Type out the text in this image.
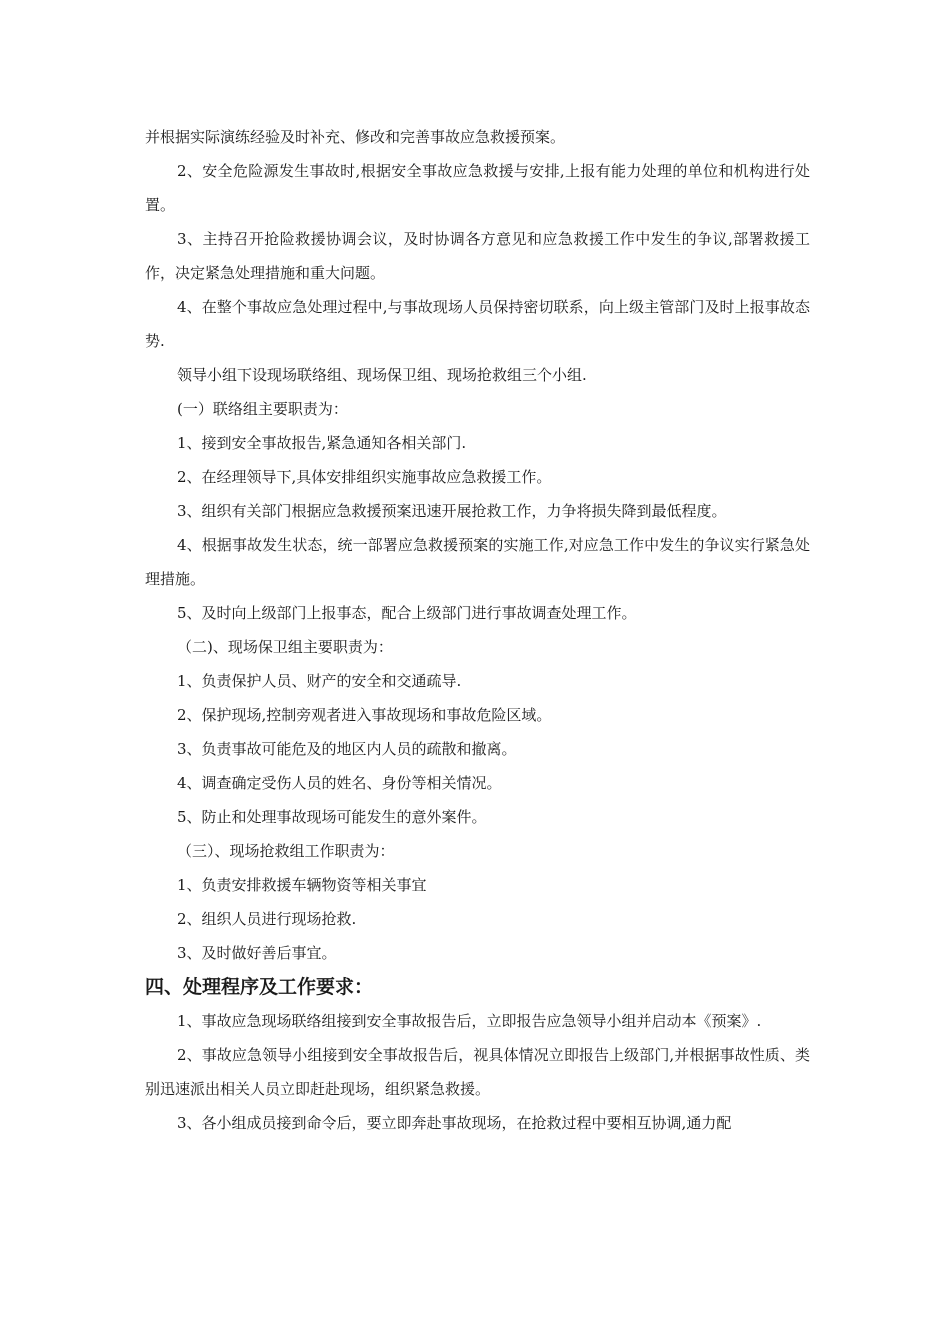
并根据实际演练经验及时补充、修改和完善事故应急救援预案。

2、安全危险源发生事故时,根据安全事故应急救援与安排,上报有能力处理的单位和机构进行处置。

3、主持召开抢险救援协调会议，及时协调各方意见和应急救援工作中发生的争议,部署救援工作，决定紧急处理措施和重大问题。

4、在整个事故应急处理过程中,与事故现场人员保持密切联系，向上级主管部门及时上报事故态势.

领导小组下设现场联络组、现场保卫组、现场抢救组三个小组.

(一）联络组主要职责为：

1、接到安全事故报告,紧急通知各相关部门.

2、在经理领导下,具体安排组织实施事故应急救援工作。

3、组织有关部门根据应急救援预案迅速开展抢救工作，力争将损失降到最低程度。

4、根据事故发生状态，统一部署应急救援预案的实施工作,对应急工作中发生的争议实行紧急处理措施。

5、及时向上级部门上报事态，配合上级部门进行事故调查处理工作。

（二)、现场保卫组主要职责为：

1、负责保护人员、财产的安全和交通疏导.

2、保护现场,控制旁观者进入事故现场和事故危险区域。

3、负责事故可能危及的地区内人员的疏散和撤离。

4、调查确定受伤人员的姓名、身份等相关情况。

5、防止和处理事故现场可能发生的意外案件。

（三）、现场抢救组工作职责为：

1、负责安排救援车辆物资等相关事宜

2、组织人员进行现场抢救.

3、及时做好善后事宜。

四、处理程序及工作要求：

1、事故应急现场联络组接到安全事故报告后，立即报告应急领导小组并启动本《预案》.

2、事故应急领导小组接到安全事故报告后，视具体情况立即报告上级部门,并根据事故性质、类别迅速派出相关人员立即赶赴现场，组织紧急救援。

3、各小组成员接到命令后，要立即奔赴事故现场，在抢救过程中要相互协调,通力配
